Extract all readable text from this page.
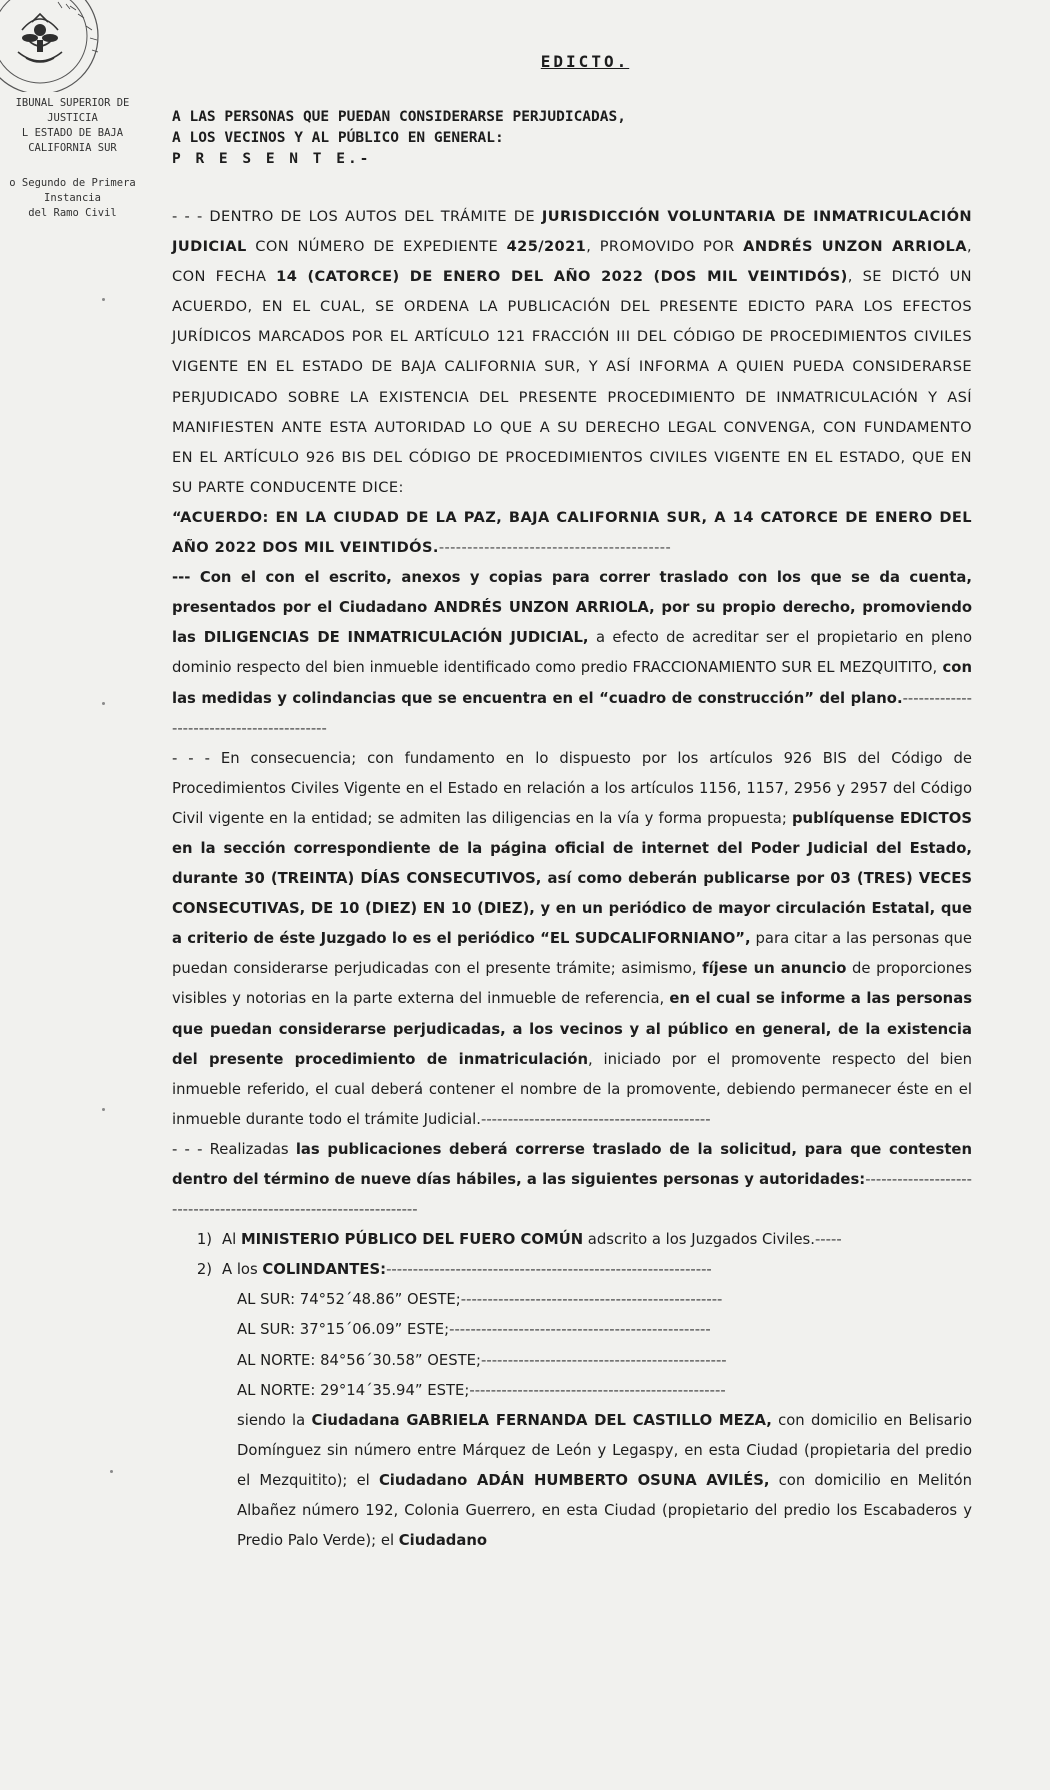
IBUNAL SUPERIOR DE
JUSTICIA
L ESTADO DE BAJA
CALIFORNIA SUR
o Segundo de Primera
Instancia
del Ramo Civil
EDICTO.
A LAS PERSONAS QUE PUEDAN CONSIDERARSE PERJUDICADAS,
A LOS VECINOS Y AL PÚBLICO EN GENERAL:
P R E S E N T E.-

- - - DENTRO DE LOS AUTOS DEL TRÁMITE DE JURISDICCIÓN VOLUNTARIA DE INMATRICULACIÓN JUDICIAL CON NÚMERO DE EXPEDIENTE 425/2021, PROMOVIDO POR ANDRÉS UNZON ARRIOLA, CON FECHA 14 (CATORCE) DE ENERO DEL AÑO 2022 (DOS MIL VEINTIDÓS), SE DICTÓ UN ACUERDO, EN EL CUAL, SE ORDENA LA PUBLICACIÓN DEL PRESENTE EDICTO PARA LOS EFECTOS JURÍDICOS MARCADOS POR EL ARTÍCULO 121 FRACCIÓN III DEL CÓDIGO DE PROCEDIMIENTOS CIVILES VIGENTE EN EL ESTADO DE BAJA CALIFORNIA SUR, Y ASÍ INFORMA A QUIEN PUEDA CONSIDERARSE PERJUDICADO SOBRE LA EXISTENCIA DEL PRESENTE PROCEDIMIENTO DE INMATRICULACIÓN Y ASÍ MANIFIESTEN ANTE ESTA AUTORIDAD LO QUE A SU DERECHO LEGAL CONVENGA, CON FUNDAMENTO EN EL ARTÍCULO 926 BIS DEL CÓDIGO DE PROCEDIMIENTOS CIVILES VIGENTE EN EL ESTADO, QUE EN SU PARTE CONDUCENTE DICE:

“ACUERDO: EN LA CIUDAD DE LA PAZ, BAJA CALIFORNIA SUR, A 14 CATORCE DE ENERO DEL AÑO 2022 DOS MIL VEINTIDÓS.-----------------------------------------

--- Con el con el escrito, anexos y copias para correr traslado con los que se da cuenta, presentados por el Ciudadano ANDRÉS UNZON ARRIOLA, por su propio derecho, promoviendo las DILIGENCIAS DE INMATRICULACIÓN JUDICIAL, a efecto de acreditar ser el propietario en pleno dominio respecto del bien inmueble identificado como predio FRACCIONAMIENTO SUR EL MEZQUITITO, con las medidas y colindancias que se encuentra en el “cuadro de construcción” del plano.------------------------------------------

- - - En consecuencia; con fundamento en lo dispuesto por los artículos 926 BIS del Código de Procedimientos Civiles Vigente en el Estado en relación a los artículos 1156, 1157, 2956 y 2957 del Código Civil vigente en la entidad; se admiten las diligencias en la vía y forma propuesta; publíquense EDICTOS en la sección correspondiente de la página oficial de internet del Poder Judicial del Estado, durante 30 (TREINTA) DÍAS CONSECUTIVOS, así como deberán publicarse por 03 (TRES) VECES CONSECUTIVAS, DE 10 (DIEZ) EN 10 (DIEZ), y en un periódico de mayor circulación Estatal, que a criterio de éste Juzgado lo es el periódico “EL SUDCALIFORNIANO”, para citar a las personas que puedan considerarse perjudicadas con el presente trámite; asimismo, fíjese un anuncio de proporciones visibles y notorias en la parte externa del inmueble de referencia, en el cual se informe a las personas que puedan considerarse perjudicadas, a los vecinos y al público en general, de la existencia del presente procedimiento de inmatriculación, iniciado por el promovente respecto del bien inmueble referido, el cual deberá contener el nombre de la promovente, debiendo permanecer éste en el inmueble durante todo el trámite Judicial.-------------------------------------------

- - - Realizadas las publicaciones deberá correrse traslado de la solicitud, para que contesten dentro del término de nueve días hábiles, a las siguientes personas y autoridades:------------------------------------------------------------------

1) Al MINISTERIO PÚBLICO DEL FUERO COMÚN adscrito a los Juzgados Civiles.-----
2) A los COLINDANTES:-------------------------------------------------------------
AL SUR: 74°52´48.86” OESTE;-------------------------------------------------
AL SUR: 37°15´06.09” ESTE;-------------------------------------------------
AL NORTE: 84°56´30.58” OESTE;----------------------------------------------
AL NORTE: 29°14´35.94” ESTE;------------------------------------------------

siendo la Ciudadana GABRIELA FERNANDA DEL CASTILLO MEZA, con domicilio en Belisario Domínguez sin número entre Márquez de León y Legaspy, en esta Ciudad (propietaria del predio el Mezquitito); el Ciudadano ADÁN HUMBERTO OSUNA AVILÉS, con domicilio en Melitón Albañez número 192, Colonia Guerrero, en esta Ciudad (propietario del predio los Escabaderos y Predio Palo Verde); el Ciudadano
